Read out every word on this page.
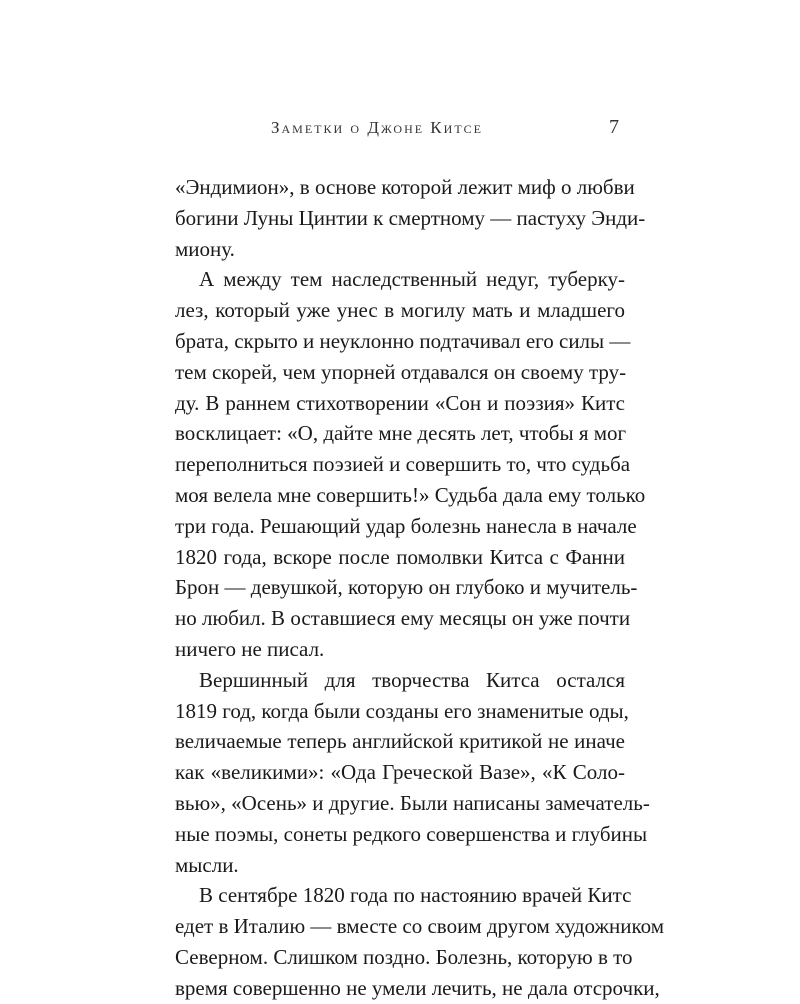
Заметки о Джоне Китсе	7

«Эндимион», в основе которой лежит миф о любви
богини Луны Цинтии к смертному — пастуху Энди-
миону.

А между тем наследственный недуг, туберку-
лез, который уже унес в могилу мать и младшего
брата, скрыто и неуклонно подтачивал его силы —
тем скорей, чем упорней отдавался он своему тру-
ду. В раннем стихотворении «Сон и поэзия» Китс
восклицает: «О, дайте мне десять лет, чтобы я мог
переполниться поэзией и совершить то, что судьба
моя велела мне совершить!» Судьба дала ему только
три года. Решающий удар болезнь нанесла в начале
1820 года, вскоре после помолвки Китса с Фанни
Брон — девушкой, которую он глубоко и мучитель-
но любил. В оставшиеся ему месяцы он уже почти
ничего не писал.

Вершинный для творчества Китса остался
1819 год, когда были созданы его знаменитые оды,
величаемые теперь английской критикой не иначе
как «великими»: «Ода Греческой Вазе», «К Соло-
вью», «Осень» и другие. Были написаны замечатель-
ные поэмы, сонеты редкого совершенства и глубины
мысли.

В сентябре 1820 года по настоянию врачей Китс
едет в Италию — вместе со своим другом художником
Северном. Слишком поздно. Болезнь, которую в то
время совершенно не умели лечить, не дала отсрочки,
